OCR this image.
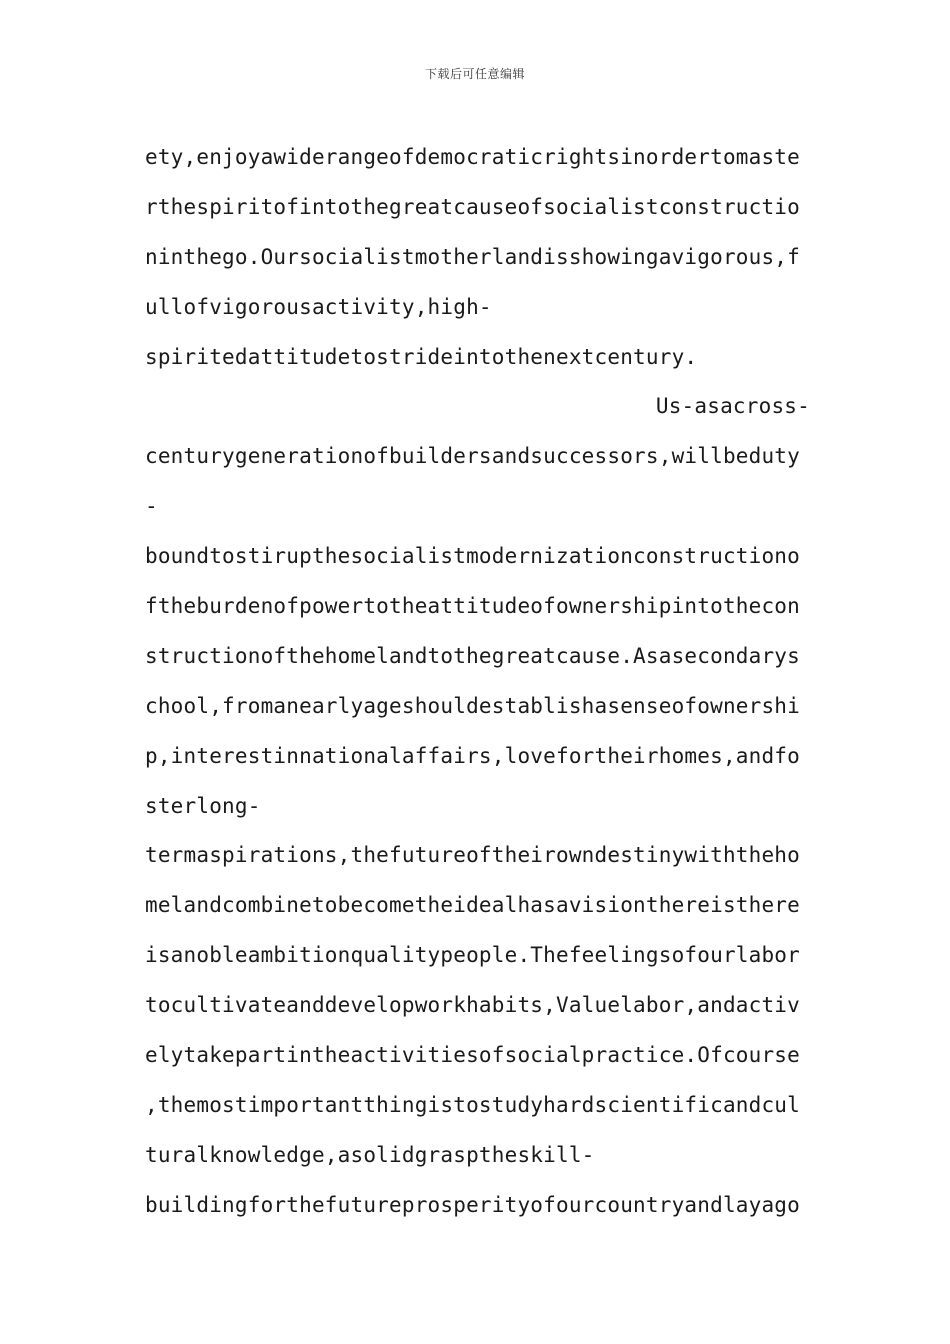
下载后可任意编辑
ety,enjoyawiderangeofdemocraticrightsinordertomaste
rthespiritofintothegreatcauseofsocialistconstructio
ninthego.Oursocialistmotherlandisshowingavigorous,f
ullofvigorousactivity,high-
spiritedattitudetostrideintothenextcentury.
Us-asacross-
centurygenerationofbuildersandsuccessors,willbeduty
-
boundtostirupthesocialistmodernizationconstructiono
ftheburdenofpowertotheattitudeofownershipintothecon
structionofthehomelandtothegreatcause.Asasecondarys
chool,fromanearlyageshouldestablishasenseofownershi
p,interestinnationalaffairs,lovefortheirhomes,andfo
sterlong-
termaspirations,thefutureoftheirowndestinywiththeho
melandcombinetobecometheidealhasavisionthereisthere
isanobleambitionqualitypeople.Thefeelingsofourlabor
tocultivateanddevelopworkhabits,Valuelabor,andactiv
elytakepartintheactivitiesofsocialpractice.Ofcourse
,themostimportantthingistostudyhardscientificandcul
turalknowledge,asolidgrasptheskill-
buildingforthefutureprosperityofourcountryandlayago
